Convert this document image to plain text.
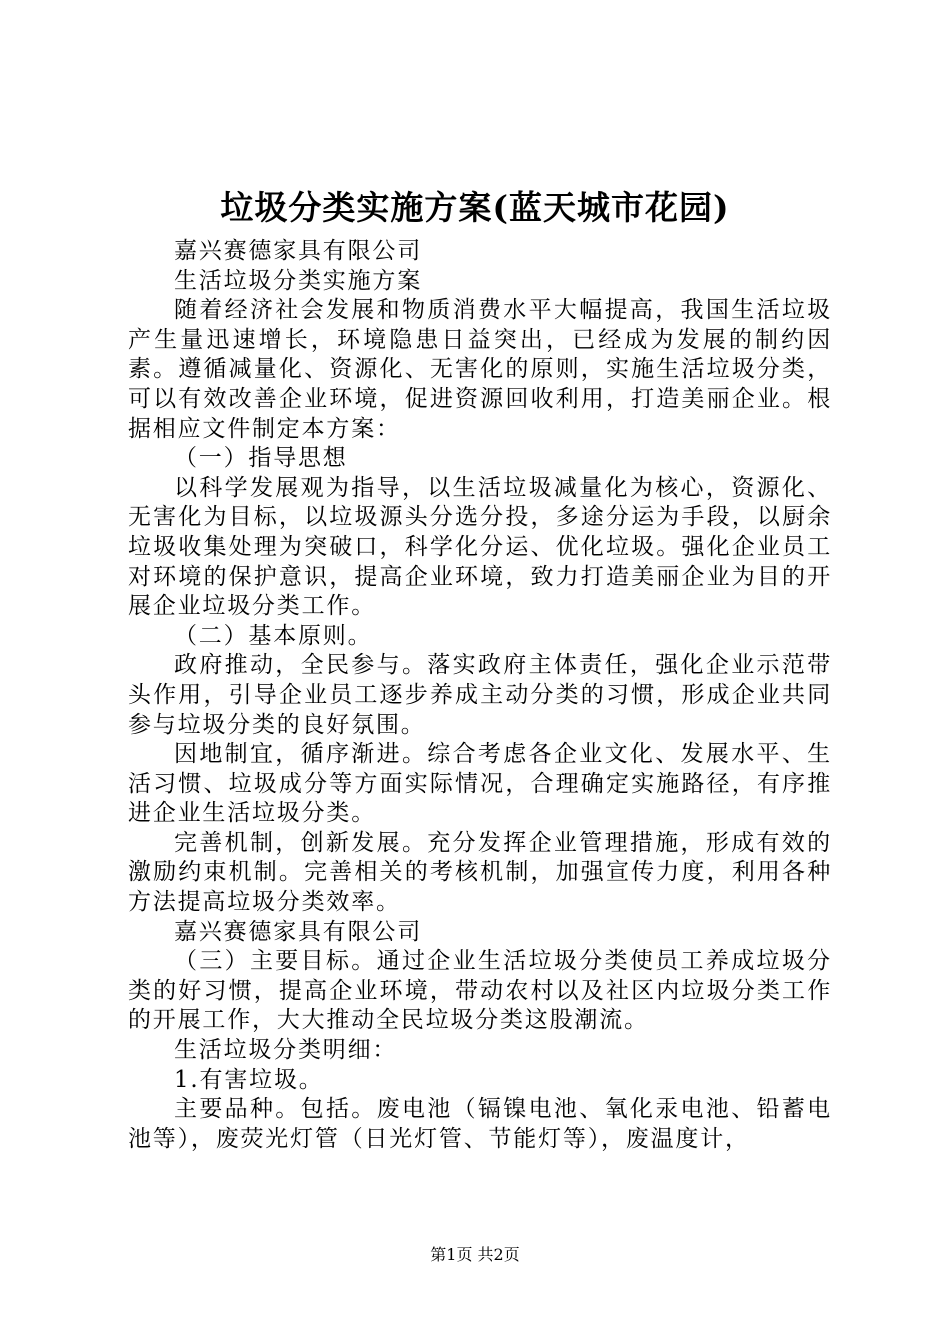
垃圾分类实施方案(蓝天城市花园)

嘉兴赛德家具有限公司

生活垃圾分类实施方案

随着经济社会发展和物质消费水平大幅提高，我国生活垃圾产生量迅速增长，环境隐患日益突出，已经成为发展的制约因素。遵循减量化、资源化、无害化的原则，实施生活垃圾分类，可以有效改善企业环境，促进资源回收利用，打造美丽企业。根据相应文件制定本方案：

（一）指导思想

以科学发展观为指导，以生活垃圾减量化为核心，资源化、无害化为目标，以垃圾源头分选分投，多途分运为手段，以厨余垃圾收集处理为突破口，科学化分运、优化垃圾。强化企业员工对环境的保护意识，提高企业环境，致力打造美丽企业为目的开展企业垃圾分类工作。

（二）基本原则。

政府推动，全民参与。落实政府主体责任，强化企业示范带头作用，引导企业员工逐步养成主动分类的习惯，形成企业共同参与垃圾分类的良好氛围。

因地制宜，循序渐进。综合考虑各企业文化、发展水平、生活习惯、垃圾成分等方面实际情况，合理确定实施路径，有序推进企业生活垃圾分类。

完善机制，创新发展。充分发挥企业管理措施，形成有效的激励约束机制。完善相关的考核机制，加强宣传力度，利用各种方法提高垃圾分类效率。

嘉兴赛德家具有限公司

（三）主要目标。通过企业生活垃圾分类使员工养成垃圾分类的好习惯，提高企业环境，带动农村以及社区内垃圾分类工作的开展工作，大大推动全民垃圾分类这股潮流。

生活垃圾分类明细：

1.有害垃圾。

主要品种。包括。废电池（镉镍电池、氧化汞电池、铅蓄电池等），废荧光灯管（日光灯管、节能灯等），废温度计，

第1页 共2页
